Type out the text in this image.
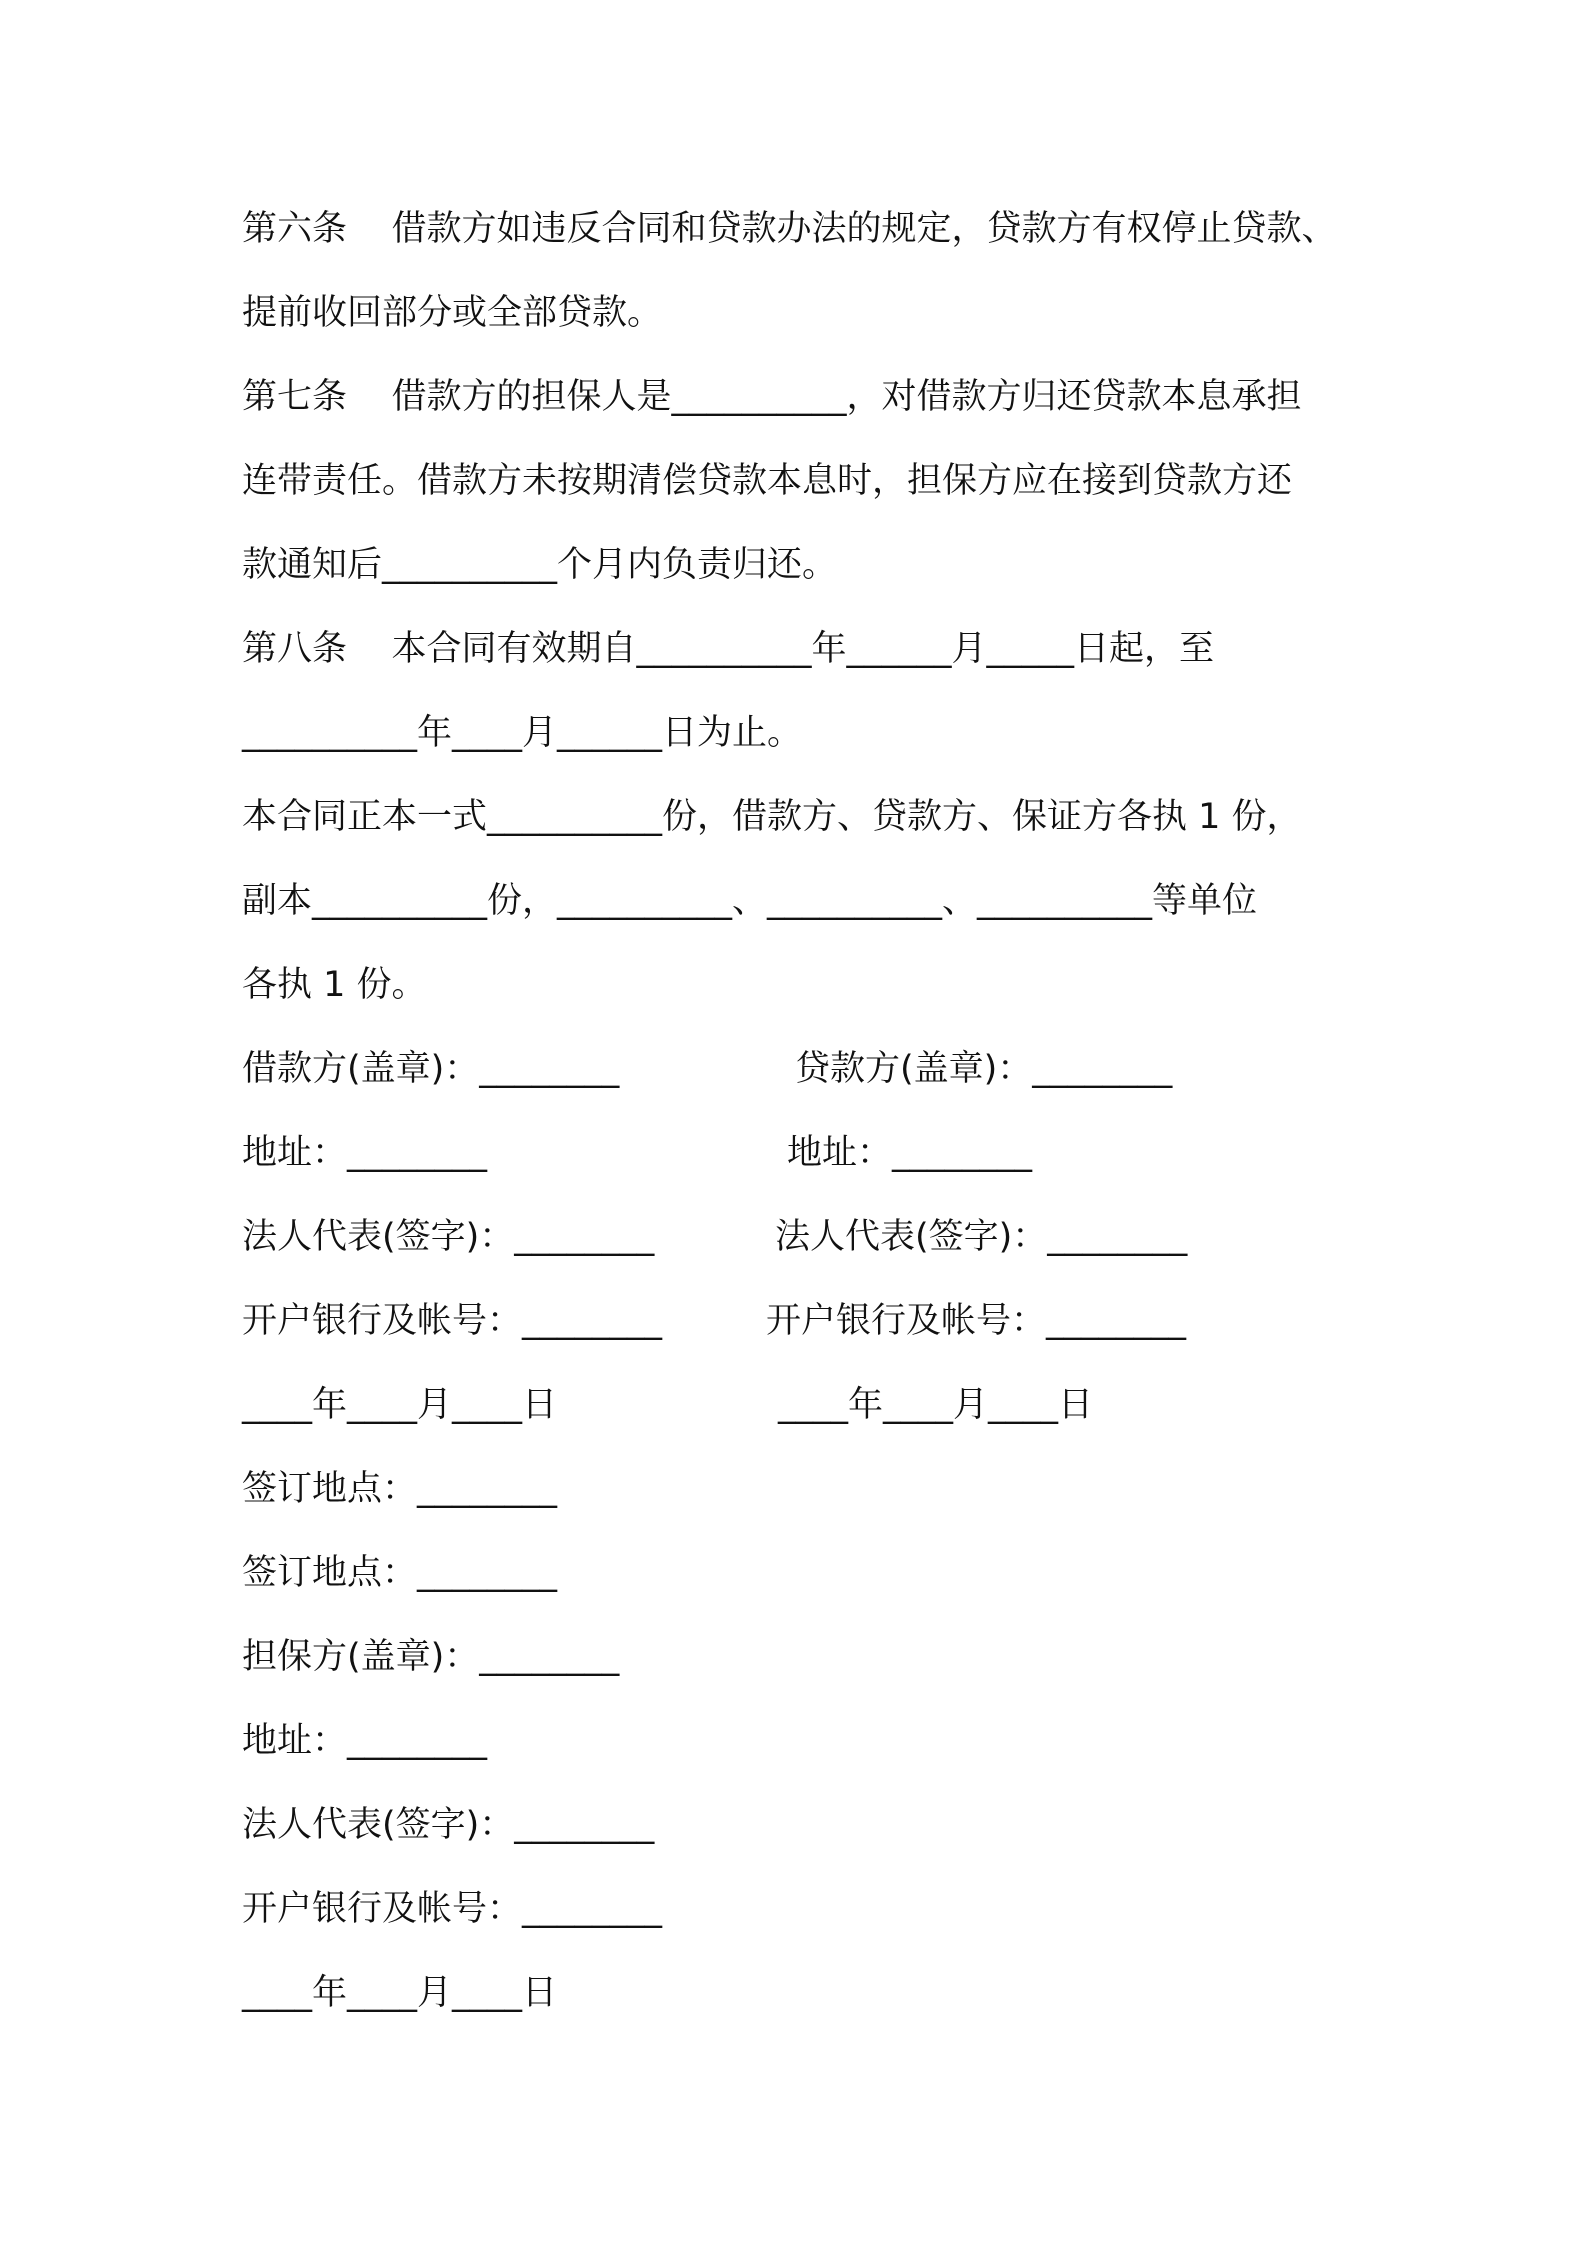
第六条    借款方如违反合同和贷款办法的规定，贷款方有权停止贷款、
提前收回部分或全部贷款。
第七条    借款方的担保人是__________，对借款方归还贷款本息承担
连带责任。借款方未按期清偿贷款本息时，担保方应在接到贷款方还
款通知后__________个月内负责归还。
第八条    本合同有效期自__________年______月_____日起，至
__________年____月______日为止。
本合同正本一式__________份，借款方、贷款方、保证方各执 1 份，
副本__________份，__________、__________、__________等单位
各执 1 份。
借款方(盖章)：________	贷款方(盖章)：________
地址：________	地址：________
法人代表(签字)：________	法人代表(签字)：________
开户银行及帐号：________	开户银行及帐号：________
____年____月____日	____年____月____日
签订地点：________
签订地点：________
担保方(盖章)：________
地址：________
法人代表(签字)：________
开户银行及帐号：________
____年____月____日
